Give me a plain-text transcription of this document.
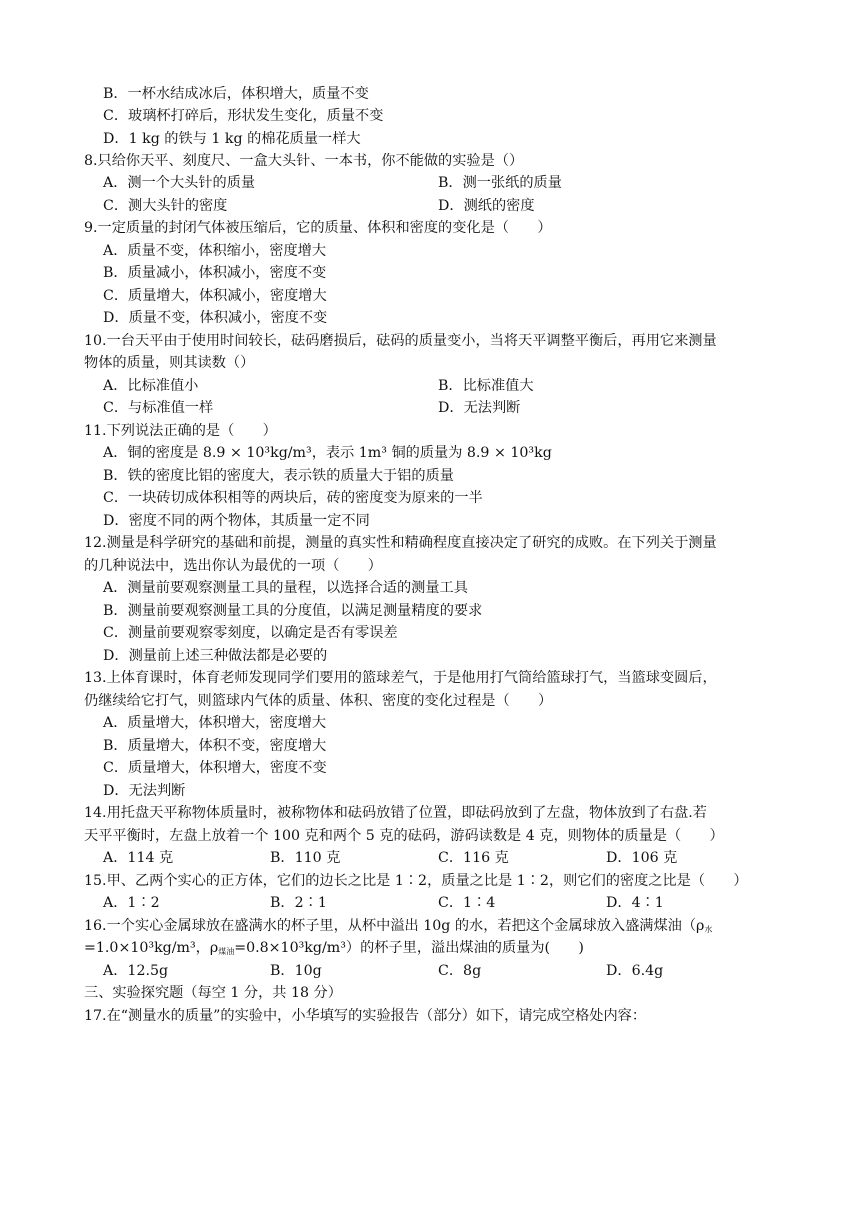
B．一杯水结成冰后，体积增大，质量不变
C．玻璃杯打碎后，形状发生变化，质量不变
D．1 kg 的铁与 1 kg 的棉花质量一样大
8.只给你天平、刻度尺、一盒大头针、一本书，你不能做的实验是（）
A．测一个大头针的质量	B．测一张纸的质量
C．测大头针的密度	D．测纸的密度
9.一定质量的封闭气体被压缩后，它的质量、体积和密度的变化是（　　）
A．质量不变，体积缩小，密度增大
B．质量减小，体积减小，密度不变
C．质量增大，体积减小，密度增大
D．质量不变，体积减小，密度不变
10.一台天平由于使用时间较长，砝码磨损后，砝码的质量变小，当将天平调整平衡后，再用它来测量
物体的质量，则其读数（）
A．比标准值小	B．比标准值大
C．与标准值一样	D．无法判断
11.下列说法正确的是（　　）
A．铜的密度是 8.9 × 10³kg/m³，表示 1m³ 铜的质量为 8.9 × 10³kg
B．铁的密度比铝的密度大，表示铁的质量大于铝的质量
C．一块砖切成体积相等的两块后，砖的密度变为原来的一半
D．密度不同的两个物体，其质量一定不同
12.测量是科学研究的基础和前提，测量的真实性和精确程度直接决定了研究的成败。在下列关于测量
的几种说法中，选出你认为最优的一项（　　）
A．测量前要观察测量工具的量程，以选择合适的测量工具
B．测量前要观察测量工具的分度值，以满足测量精度的要求
C．测量前要观察零刻度，以确定是否有零误差
D．测量前上述三种做法都是必要的
13.上体育课时，体育老师发现同学们要用的篮球差气，于是他用打气筒给篮球打气，当篮球变圆后，
仍继续给它打气，则篮球内气体的质量、体积、密度的变化过程是（　　）
A．质量增大，体积增大，密度增大
B．质量增大，体积不变，密度增大
C．质量增大，体积增大，密度不变
D．无法判断
14.用托盘天平称物体质量时，被称物体和砝码放错了位置，即砝码放到了左盘，物体放到了右盘.若
天平平衡时，左盘上放着一个 100 克和两个 5 克的砝码，游码读数是 4 克，则物体的质量是（　　）
A．114 克	B．110 克	C．116 克	D．106 克
15.甲、乙两个实心的正方体，它们的边长之比是 1∶2，质量之比是 1∶2，则它们的密度之比是（　　）
A．1∶2	B．2∶1	C．1∶4	D．4∶1
16.一个实心金属球放在盛满水的杯子里，从杯中溢出 10g 的水，若把这个金属球放入盛满煤油（$\rho_水$
=1.0×10³kg/m³，$\rho_{煤油}=0.8\times 10^3kg/m^3$）的杯子里，溢出煤油的质量为(　　)
A．12.5g	B．10g	C．8g	D．6.4g
三、实验探究题（每空 1 分，共 18 分）
17.在“测量水的质量”的实验中，小华填写的实验报告（部分）如下，请完成空格处内容：
